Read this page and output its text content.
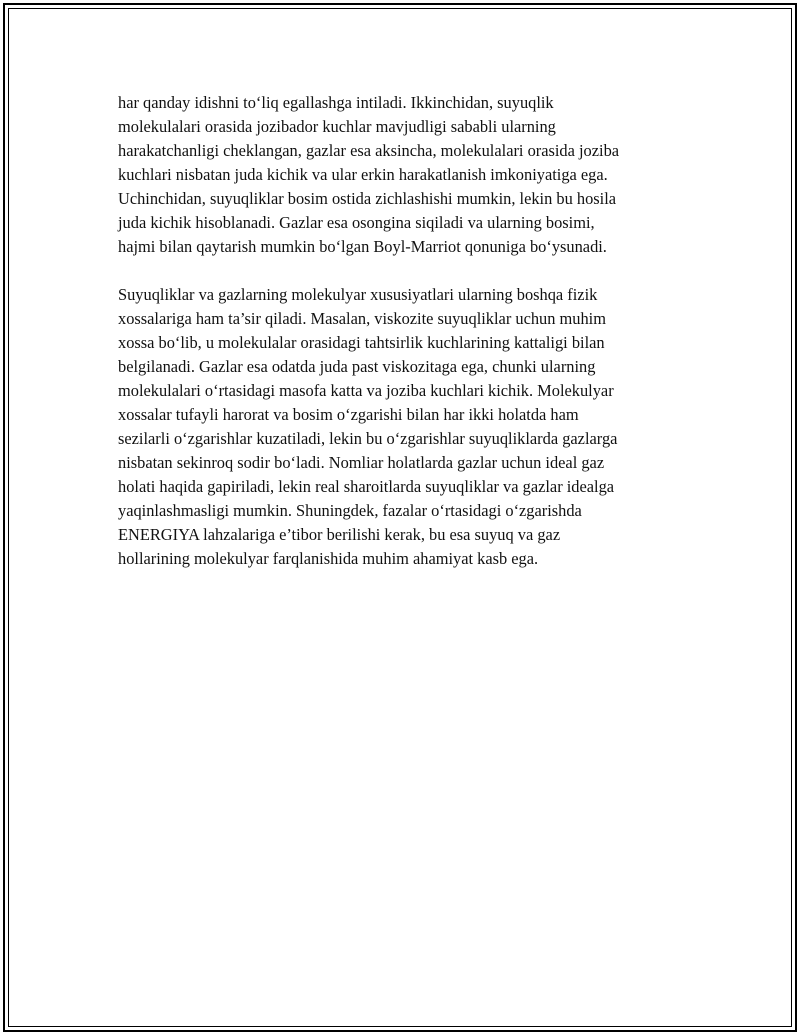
har qanday idishni to‘liq egallashga intiladi. Ikkinchidan, suyuqlik
molekulalari orasida jozibador kuchlar mavjudligi sababli ularning
harakatchanligi cheklangan, gazlar esa aksincha, molekulalari orasida joziba
kuchlari nisbatan juda kichik va ular erkin harakatlanish imkoniyatiga ega.
Uchinchidan, suyuqliklar bosim ostida zichlashishi mumkin, lekin bu hosila
juda kichik hisoblanadi. Gazlar esa osongina siqiladi va ularning bosimi,
hajmi bilan qaytarish mumkin bo‘lgan Boyl-Marriot qonuniga bo‘ysunadi.

Suyuqliklar va gazlarning molekulyar xususiyatlari ularning boshqa fizik
xossalariga ham ta’sir qiladi. Masalan, viskozite suyuqliklar uchun muhim
xossa bo‘lib, u molekulalar orasidagi tahtsirlik kuchlarining kattaligi bilan
belgilanadi. Gazlar esa odatda juda past viskozitaga ega, chunki ularning
molekulalari o‘rtasidagi masofa katta va joziba kuchlari kichik. Molekulyar
xossalar tufayli harorat va bosim o‘zgarishi bilan har ikki holatda ham
sezilarli o‘zgarishlar kuzatiladi, lekin bu o‘zgarishlar suyuqliklarda gazlarga
nisbatan sekinroq sodir bo‘ladi. Nomliar holatlarda gazlar uchun ideal gaz
holati haqida gapiriladi, lekin real sharoitlarda suyuqliklar va gazlar idealga
yaqinlashmasligi mumkin. Shuningdek, fazalar o‘rtasidagi o‘zgarishda
ENERGIYA lahzalariga e’tibor berilishi kerak, bu esa suyuq va gaz
hollarining molekulyar farqlanishida muhim ahamiyat kasb ega.
